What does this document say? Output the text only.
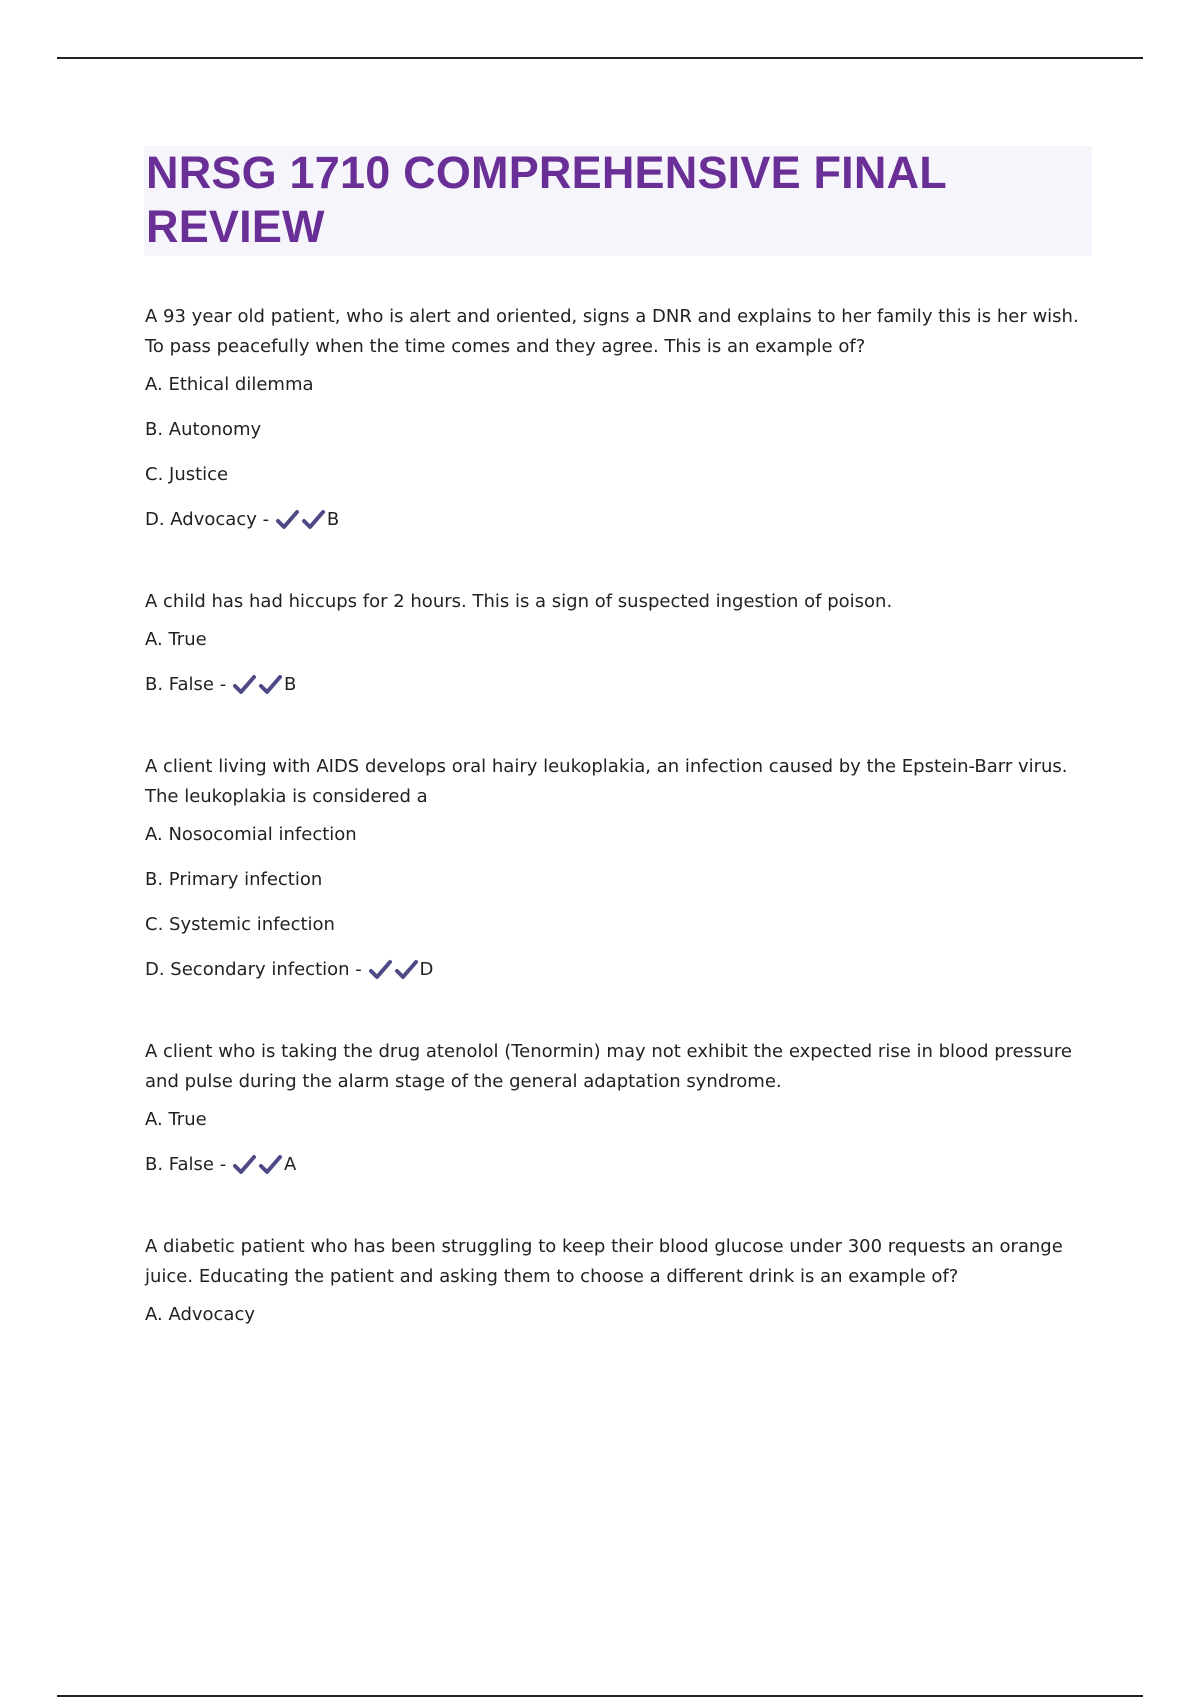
NRSG 1710 COMPREHENSIVE FINAL REVIEW

A 93 year old patient, who is alert and oriented, signs a DNR and explains to her family this is her wish. To pass peacefully when the time comes and they agree. This is an example of?

A. Ethical dilemma
B. Autonomy
C. Justice
D. Advocacy -	B

A child has had hiccups for 2 hours. This is a sign of suspected ingestion of poison.

A. True
B. False -	B

A client living with AIDS develops oral hairy leukoplakia, an infection caused by the Epstein-Barr virus. The leukoplakia is considered a

A. Nosocomial infection
B. Primary infection
C. Systemic infection
D. Secondary infection -	D

A client who is taking the drug atenolol (Tenormin) may not exhibit the expected rise in blood pressure and pulse during the alarm stage of the general adaptation syndrome.

A. True
B. False -	A

A diabetic patient who has been struggling to keep their blood glucose under 300 requests an orange juice. Educating the patient and asking them to choose a different drink is an example of?

A. Advocacy
